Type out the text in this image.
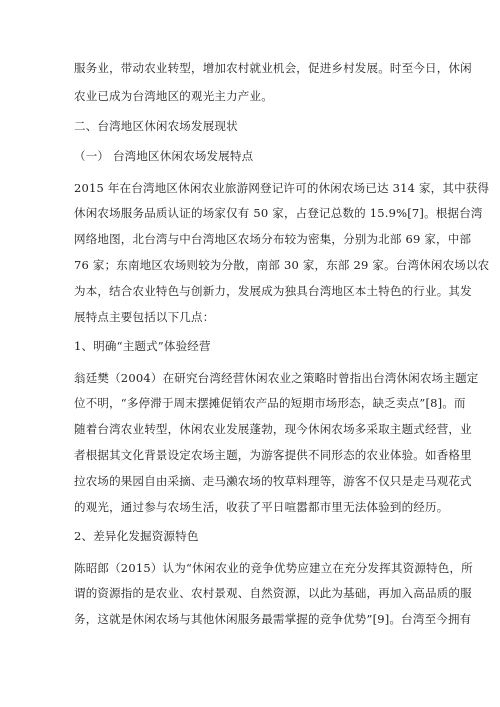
服务业，带动农业转型，增加农村就业机会，促进乡村发展。时至今日，休闲
农业已成为台湾地区的观光主力产业。
二、台湾地区休闲农场发展现状
（一） 台湾地区休闲农场发展特点
2015 年在台湾地区休闲农业旅游网登记许可的休闲农场已达 314 家，其中获得
休闲农场服务品质认证的场家仅有 50 家，占登记总数的 15.9%[7]。根据台湾
网络地图，北台湾与中台湾地区农场分布较为密集，分别为北部 69 家，中部
76 家；东南地区农场则较为分散，南部 30 家，东部 29 家。台湾休闲农场以农
为本，结合农业特色与创新力，发展成为独具台湾地区本土特色的行业。其发
展特点主要包括以下几点：
1、明确“主题式”体验经营
翁廷樊（2004）在研究台湾经营休闲农业之策略时曾指出台湾休闲农场主题定
位不明，“多停滞于周末摆摊促销农产品的短期市场形态，缺乏卖点”[8]。而
随着台湾农业转型，休闲农业发展蓬勃，现今休闲农场多采取主题式经营，业
者根据其文化背景设定农场主题，为游客提供不同形态的农业体验。如香格里
拉农场的果园自由采摘、走马濑农场的牧草料理等，游客不仅只是走马观花式
的观光，通过参与农场生活，收获了平日喧嚣都市里无法体验到的经历。
2、差异化发掘资源特色
陈昭郎（2015）认为“休闲农业的竞争优势应建立在充分发挥其资源特色，所
谓的资源指的是农业、农村景观、自然资源，以此为基础，再加入高品质的服
务，这就是休闲农场与其他休闲服务最需掌握的竞争优势”[9]。台湾至今拥有
